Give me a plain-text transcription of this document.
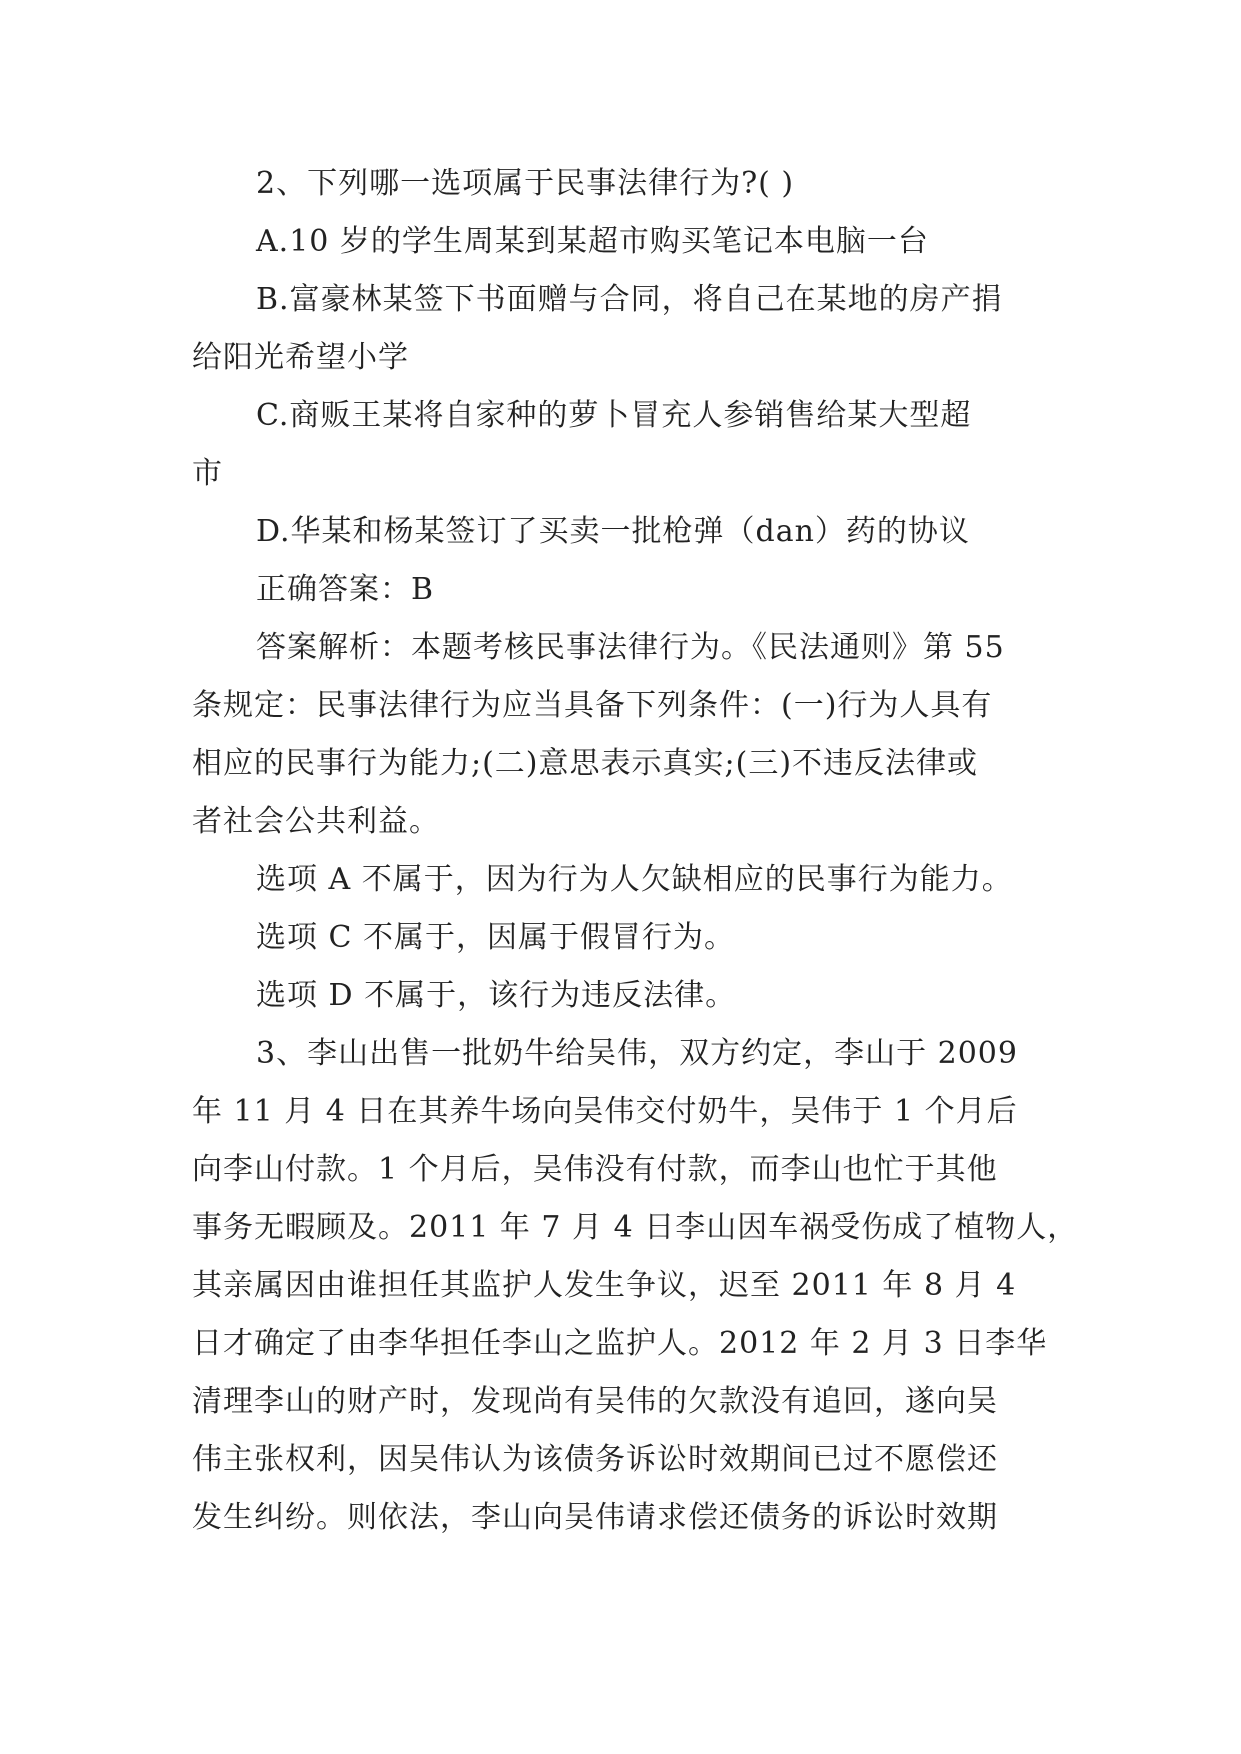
2、下列哪一选项属于民事法律行为?( )
A.10 岁的学生周某到某超市购买笔记本电脑一台
B.富豪林某签下书面赠与合同，将自己在某地的房产捐
给阳光希望小学
C.商贩王某将自家种的萝卜冒充人参销售给某大型超
市
D.华某和杨某签订了买卖一批枪弹（dan）药的协议
正确答案：B
答案解析：本题考核民事法律行为。《民法通则》第 55
条规定：民事法律行为应当具备下列条件：(一)行为人具有
相应的民事行为能力;(二)意思表示真实;(三)不违反法律或
者社会公共利益。
选项 A 不属于，因为行为人欠缺相应的民事行为能力。
选项 C 不属于，因属于假冒行为。
选项 D 不属于，该行为违反法律。
3、李山出售一批奶牛给吴伟，双方约定，李山于 2009
年 11 月 4 日在其养牛场向吴伟交付奶牛，吴伟于 1 个月后
向李山付款。1 个月后，吴伟没有付款，而李山也忙于其他
事务无暇顾及。2011 年 7 月 4 日李山因车祸受伤成了植物人，
其亲属因由谁担任其监护人发生争议，迟至 2011 年 8 月 4
日才确定了由李华担任李山之监护人。2012 年 2 月 3 日李华
清理李山的财产时，发现尚有吴伟的欠款没有追回，遂向吴
伟主张权利，因吴伟认为该债务诉讼时效期间已过不愿偿还
发生纠纷。则依法，李山向吴伟请求偿还债务的诉讼时效期
